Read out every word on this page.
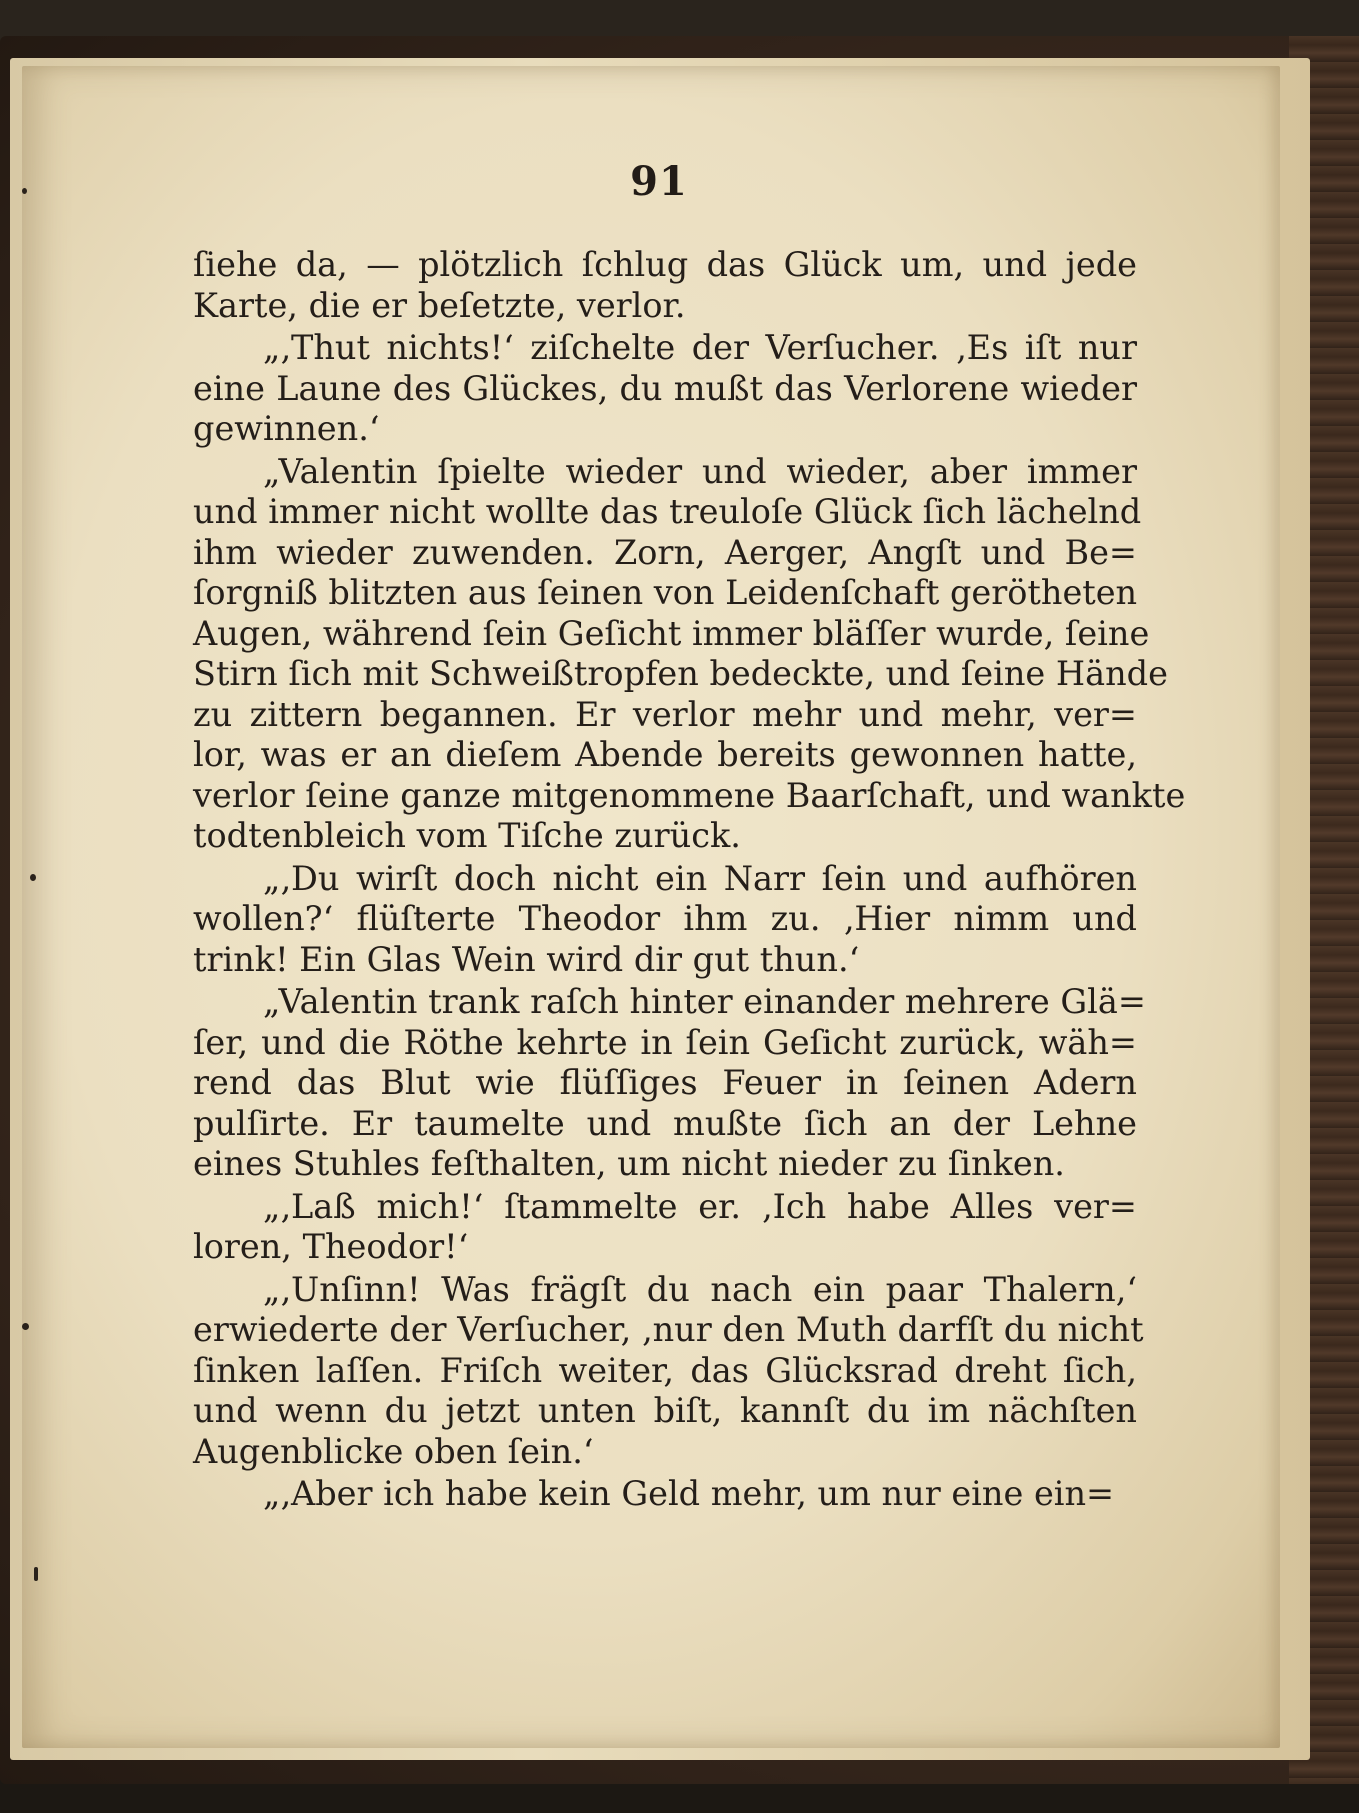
91
ſiehe da, — plötzlich ſchlug das Glück um, und jede
Karte, die er beſetzte, verlor.
„‚Thut nichts!‘ ziſchelte der Verſucher. ‚Es iſt nur
eine Laune des Glückes, du mußt das Verlorene wieder
gewinnen.‘
„Valentin ſpielte wieder und wieder, aber immer
und immer nicht wollte das treuloſe Glück ſich lächelnd
ihm wieder zuwenden. Zorn, Aerger, Angſt und Be=
ſorgniß blitzten aus ſeinen von Leidenſchaft gerötheten
Augen, während ſein Geſicht immer bläſſer wurde, ſeine
Stirn ſich mit Schweißtropfen bedeckte, und ſeine Hände
zu zittern begannen. Er verlor mehr und mehr, ver=
lor, was er an dieſem Abende bereits gewonnen hatte,
verlor ſeine ganze mitgenommene Baarſchaft, und wankte
todtenbleich vom Tiſche zurück.
„‚Du wirſt doch nicht ein Narr ſein und aufhören
wollen?‘ flüſterte Theodor ihm zu. ‚Hier nimm und
trink! Ein Glas Wein wird dir gut thun.‘
„Valentin trank raſch hinter einander mehrere Glä=
ſer, und die Röthe kehrte in ſein Geſicht zurück, wäh=
rend das Blut wie flüſſiges Feuer in ſeinen Adern
pulſirte. Er taumelte und mußte ſich an der Lehne
eines Stuhles feſthalten, um nicht nieder zu ſinken.
„‚Laß mich!‘ ſtammelte er. ‚Ich habe Alles ver=
loren, Theodor!‘
„‚Unſinn! Was frägſt du nach ein paar Thalern,‘
erwiederte der Verſucher, ‚nur den Muth darfſt du nicht
ſinken laſſen. Friſch weiter, das Glücksrad dreht ſich,
und wenn du jetzt unten biſt, kannſt du im nächſten
Augenblicke oben ſein.‘
„‚Aber ich habe kein Geld mehr, um nur eine ein=
